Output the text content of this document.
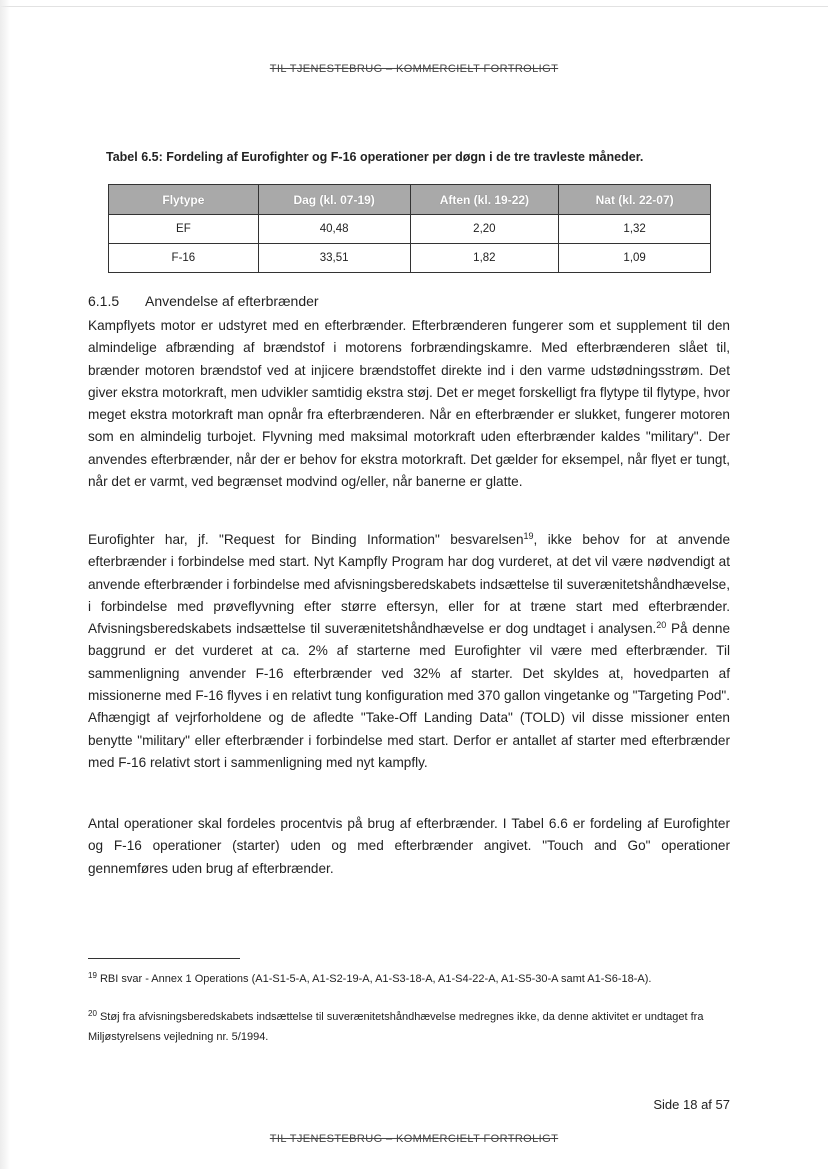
TIL TJENESTEBRUG – KOMMERCIELT FORTROLIGT
Tabel 6.5: Fordeling af Eurofighter og F-16 operationer per døgn i de tre travleste måneder.
Flytype	Dag (kl. 07-19)	Aften (kl. 19-22)	Nat (kl. 22-07)
EF	40,48	2,20	1,32
F-16	33,51	1,82	1,09
6.1.5 Anvendelse af efterbrænder

Kampflyets motor er udstyret med en efterbrænder. Efterbrænderen fungerer som et supplement til den almindelige afbrænding af brændstof i motorens forbrændingskamre. Med efterbrænderen slået til, brænder motoren brændstof ved at injicere brændstoffet direkte ind i den varme udstødningsstrøm. Det giver ekstra motorkraft, men udvikler samtidig ekstra støj. Det er meget forskelligt fra flytype til flytype, hvor meget ekstra motorkraft man opnår fra efterbrænderen. Når en efterbrænder er slukket, fungerer motoren som en almindelig turbojet. Flyvning med maksimal motorkraft uden efterbrænder kaldes "military". Der anvendes efterbrænder, når der er behov for ekstra motorkraft. Det gælder for eksempel, når flyet er tungt, når det er varmt, ved begrænset modvind og/eller, når banerne er glatte.

Eurofighter har, jf. "Request for Binding Information" besvarelsen$^{19}$, ikke behov for at anvende efterbrænder i forbindelse med start. Nyt Kampfly Program har dog vurderet, at det vil være nødvendigt at anvende efterbrænder i forbindelse med afvisningsberedskabets indsættelse til suverænitetshåndhævelse, i forbindelse med prøveflyvning efter større eftersyn, eller for at træne start med efterbrænder. Afvisningsberedskabets indsættelse til suverænitetshåndhævelse er dog undtaget i analysen.$^{20}$ På denne baggrund er det vurderet at ca. 2% af starterne med Eurofighter vil være med efterbrænder. Til sammenligning anvender F-16 efterbrænder ved 32% af starter. Det skyldes at, hovedparten af missionerne med F-16 flyves i en relativt tung konfiguration med 370 gallon vingetanke og "Targeting Pod". Afhængigt af vejrforholdene og de afledte "Take-Off Landing Data" (TOLD) vil disse missioner enten benytte "military" eller efterbrænder i forbindelse med start. Derfor er antallet af starter med efterbrænder med F-16 relativt stort i sammenligning med nyt kampfly.

Antal operationer skal fordeles procentvis på brug af efterbrænder. I Tabel 6.6 er fordeling af Eurofighter og F-16 operationer (starter) uden og med efterbrænder angivet. "Touch and Go" operationer gennemføres uden brug af efterbrænder.

$^{19}$ RBI svar - Annex 1 Operations (A1-S1-5-A, A1-S2-19-A, A1-S3-18-A, A1-S4-22-A, A1-S5-30-A samt A1-S6-18-A).

$^{20}$ Støj fra afvisningsberedskabets indsættelse til suverænitetshåndhævelse medregnes ikke, da denne aktivitet er undtaget fra Miljøstyrelsens vejledning nr. 5/1994.

Side 18 af 57
TIL TJENESTEBRUG – KOMMERCIELT FORTROLIGT
